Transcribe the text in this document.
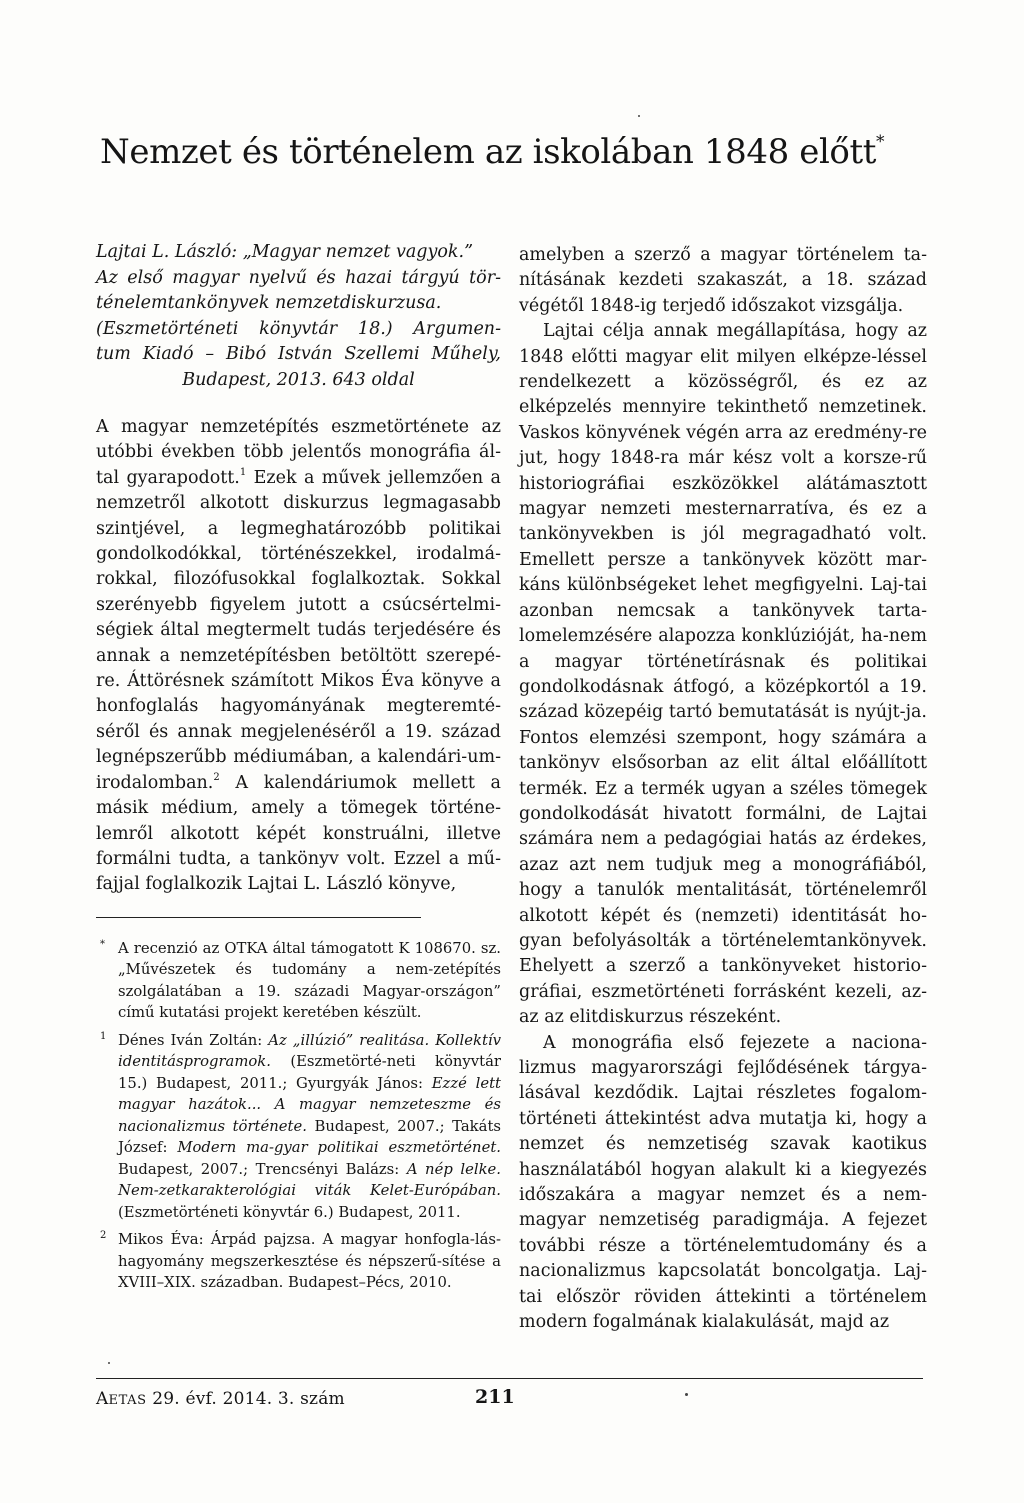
Nemzet és történelem az iskolában 1848 előtt*

Lajtai L. László: „Magyar nemzet vagyok.”
Az első magyar nyelvű és hazai tárgyú tör-
ténelemtankönyvek nemzetdiskurzusa.
(Eszmetörténeti könyvtár 18.) Argumen-
tum Kiadó – Bibó István Szellemi Műhely,
Budapest, 2013. 643 oldal

A magyar nemzetépítés eszmetörténete az utóbbi években több jelentős monográfia ál-tal gyarapodott.$^1$ Ezek a művek jellemzően a nemzetről alkotott diskurzus legmagasabb szintjével, a legmeghatározóbb politikai gondolkodókkal, történészekkel, irodalmá-rokkal, filozófusokkal foglalkoztak. Sokkal szerényebb figyelem jutott a csúcsértelmi-ségiek által megtermelt tudás terjedésére és annak a nemzetépítésben betöltött szerepé-re. Áttörésnek számított Mikos Éva könyve a honfoglalás hagyományának megteremté-séről és annak megjelenéséről a 19. század legnépszerűbb médiumában, a kalendári-um-irodalomban.$^2$ A kalendáriumok mellett a másik médium, amely a tömegek történe-lemről alkotott képét konstruálni, illetve formálni tudta, a tankönyv volt. Ezzel a mű-fajjal foglalkozik Lajtai L. László könyve,

* A recenzió az OTKA által támogatott K 108670. sz. „Művészetek és tudomány a nem-zetépítés szolgálatában a 19. századi Magyar-országon” című kutatási projekt keretében készült.

1 Dénes Iván Zoltán: Az „illúzió” realitása. Kollektív identitásprogramok. (Eszmetörté-neti könyvtár 15.) Budapest, 2011.; Gyurgyák János: Ezzé lett magyar hazátok... A magyar nemzeteszme és nacionalizmus története. Budapest, 2007.; Takáts József: Modern ma-gyar politikai eszmetörténet. Budapest, 2007.; Trencsényi Balázs: A nép lelke. Nem-zetkarakterológiai viták Kelet-Európában. (Eszmetörténeti könyvtár 6.) Budapest, 2011.

2 Mikos Éva: Árpád pajzsa. A magyar honfogla-lás-hagyomány megszerkesztése és népszerű-sítése a XVIII–XIX. században. Budapest–Pécs, 2010.

amelyben a szerző a magyar történelem ta-nításának kezdeti szakaszát, a 18. század végétől 1848-ig terjedő időszakot vizsgálja.

Lajtai célja annak megállapítása, hogy az 1848 előtti magyar elit milyen elképze-léssel rendelkezett a közösségről, és ez az elképzelés mennyire tekinthető nemzetinek. Vaskos könyvének végén arra az eredmény-re jut, hogy 1848-ra már kész volt a korsze-rű historiográfiai eszközökkel alátámasztott magyar nemzeti mesternarratíva, és ez a tankönyvekben is jól megragadható volt. Emellett persze a tankönyvek között mar-káns különbségeket lehet megfigyelni. Laj-tai azonban nemcsak a tankönyvek tarta-lomelemzésére alapozza konklúzióját, ha-nem a magyar történetírásnak és politikai gondolkodásnak átfogó, a középkortól a 19. század közepéig tartó bemutatását is nyújt-ja. Fontos elemzési szempont, hogy számára a tankönyv elsősorban az elit által előállított termék. Ez a termék ugyan a széles tömegek gondolkodását hivatott formálni, de Lajtai számára nem a pedagógiai hatás az érdekes, azaz azt nem tudjuk meg a monográfiából, hogy a tanulók mentalitását, történelemről alkotott képét és (nemzeti) identitását ho-gyan befolyásolták a történelemtankönyvek. Ehelyett a szerző a tankönyveket historio-gráfiai, eszmetörténeti forrásként kezeli, az-az az elitdiskurzus részeként.

A monográfia első fejezete a naciona-lizmus magyarországi fejlődésének tárgya-lásával kezdődik. Lajtai részletes fogalom-történeti áttekintést adva mutatja ki, hogy a nemzet és nemzetiség szavak kaotikus használatából hogyan alakult ki a kiegyezés időszakára a magyar nemzet és a nem-magyar nemzetiség paradigmája. A fejezet további része a történelemtudomány és a nacionalizmus kapcsolatát boncolgatja. Laj-tai először röviden áttekinti a történelem modern fogalmának kialakulását, majd az

AETAS 29. évf. 2014. 3. szám	211
